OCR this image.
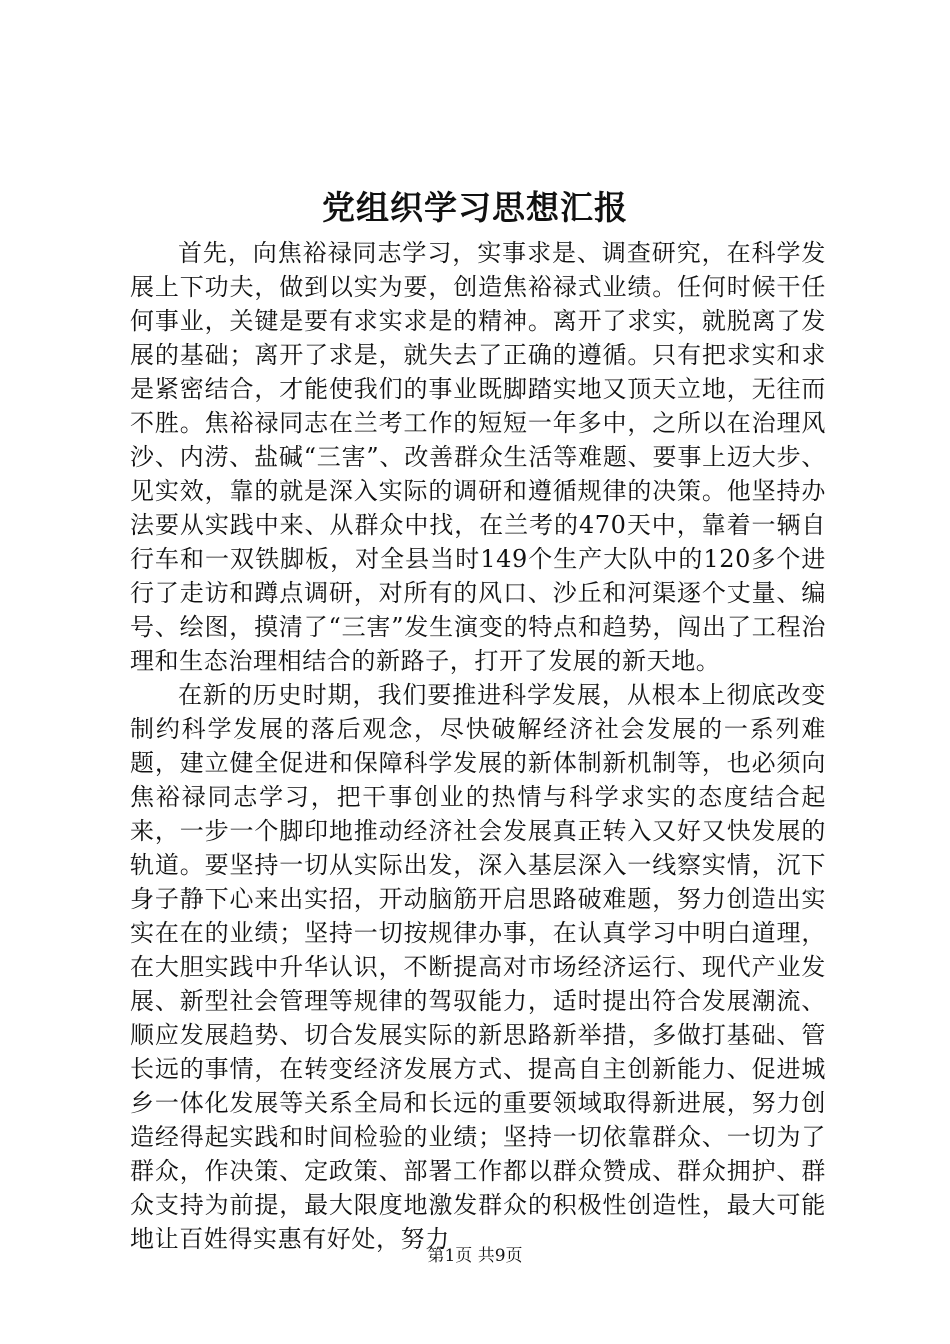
党组织学习思想汇报

首先，向焦裕禄同志学习，实事求是、调查研究，在科学发展上下功夫，做到以实为要，创造焦裕禄式业绩。任何时候干任何事业，关键是要有求实求是的精神。离开了求实，就脱离了发展的基础；离开了求是，就失去了正确的遵循。只有把求实和求是紧密结合，才能使我们的事业既脚踏实地又顶天立地，无往而不胜。焦裕禄同志在兰考工作的短短一年多中，之所以在治理风沙、内涝、盐碱“三害”、改善群众生活等难题、要事上迈大步、见实效，靠的就是深入实际的调研和遵循规律的决策。他坚持办法要从实践中来、从群众中找，在兰考的470天中，靠着一辆自行车和一双铁脚板，对全县当时149个生产大队中的120多个进行了走访和蹲点调研，对所有的风口、沙丘和河渠逐个丈量、编号、绘图，摸清了“三害”发生演变的特点和趋势，闯出了工程治理和生态治理相结合的新路子，打开了发展的新天地。

在新的历史时期，我们要推进科学发展，从根本上彻底改变制约科学发展的落后观念，尽快破解经济社会发展的一系列难题，建立健全促进和保障科学发展的新体制新机制等，也必须向焦裕禄同志学习，把干事创业的热情与科学求实的态度结合起来，一步一个脚印地推动经济社会发展真正转入又好又快发展的轨道。要坚持一切从实际出发，深入基层深入一线察实情，沉下身子静下心来出实招，开动脑筋开启思路破难题，努力创造出实实在在的业绩；坚持一切按规律办事，在认真学习中明白道理，在大胆实践中升华认识，不断提高对市场经济运行、现代产业发展、新型社会管理等规律的驾驭能力，适时提出符合发展潮流、顺应发展趋势、切合发展实际的新思路新举措，多做打基础、管长远的事情，在转变经济发展方式、提高自主创新能力、促进城乡一体化发展等关系全局和长远的重要领域取得新进展，努力创造经得起实践和时间检验的业绩；坚持一切依靠群众、一切为了群众，作决策、定政策、部署工作都以群众赞成、群众拥护、群众支持为前提，最大限度地激发群众的积极性创造性，最大可能地让百姓得实惠有好处，努力

第1页 共9页
